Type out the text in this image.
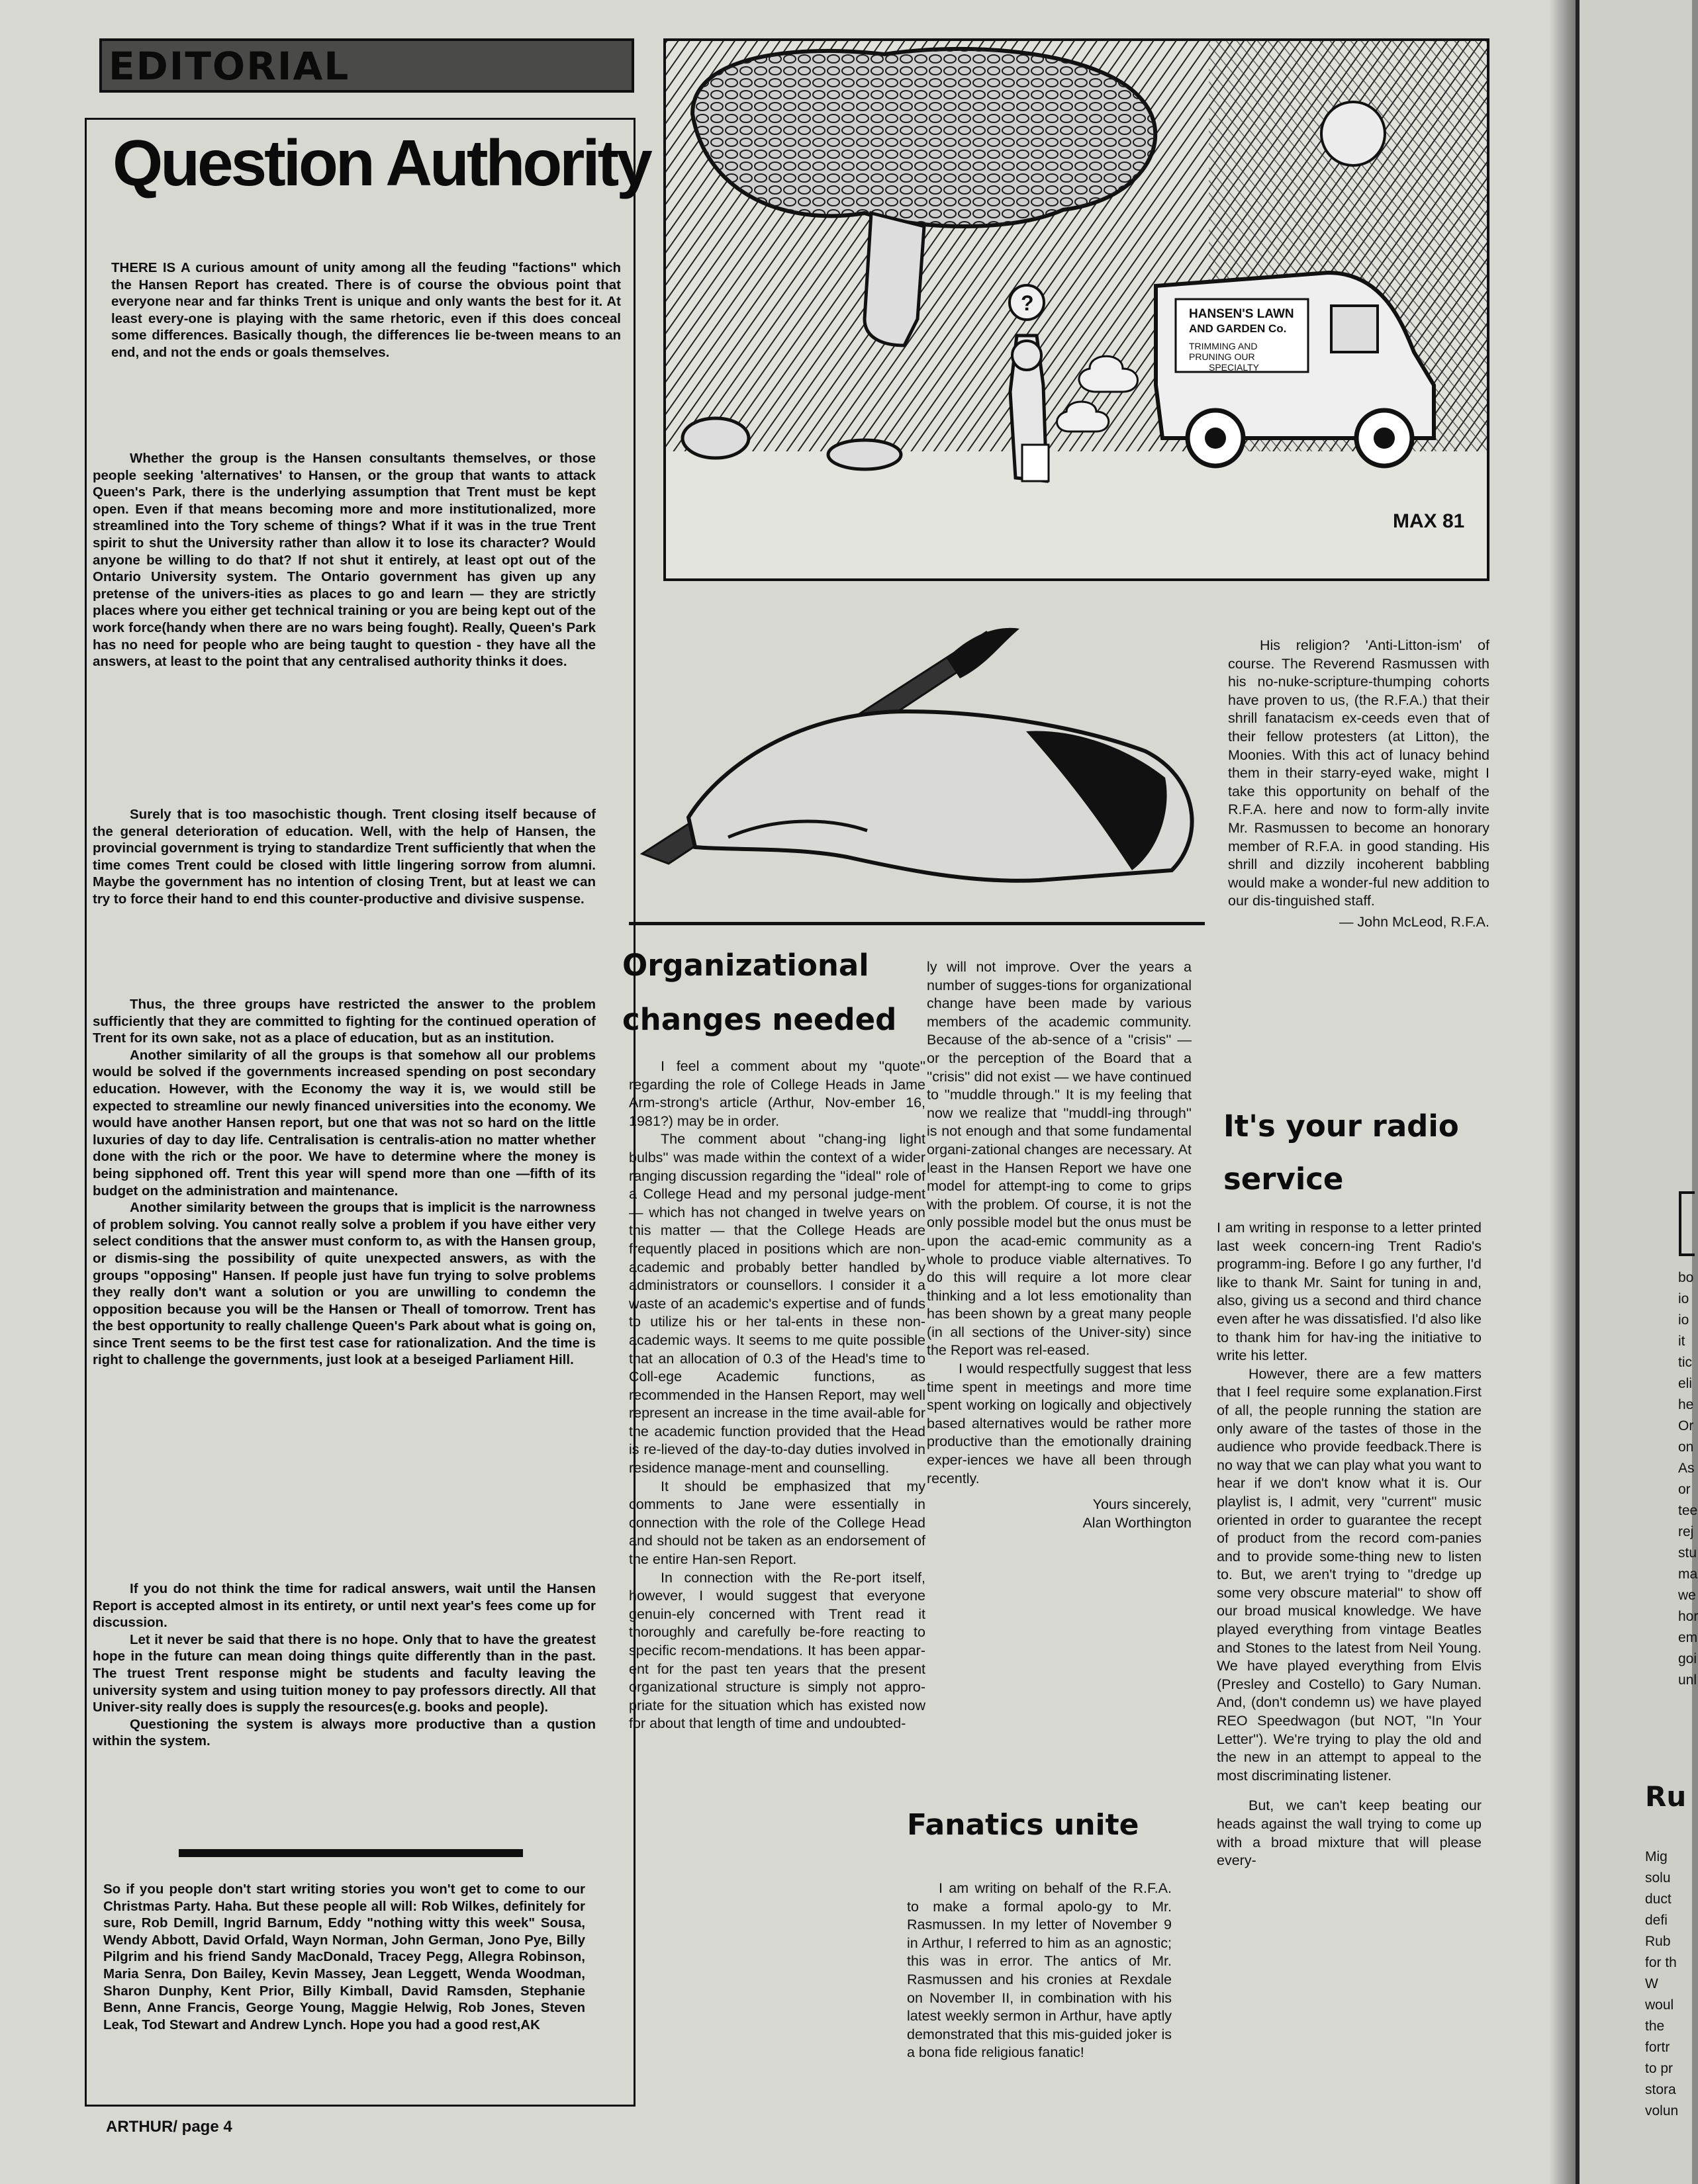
EDITORIAL
Question Authority

THERE IS A curious amount of unity among all the feuding "factions" which the Hansen Report has created. There is of course the obvious point that everyone near and far thinks Trent is unique and only wants the best for it. At least every-one is playing with the same rhetoric, even if this does conceal some differences. Basically though, the differences lie be-tween means to an end, and not the ends or goals themselves.

Whether the group is the Hansen consultants themselves, or those people seeking 'alternatives' to Hansen, or the group that wants to attack Queen's Park, there is the underlying assumption that Trent must be kept open. Even if that means becoming more and more institutionalized, more streamlined into the Tory scheme of things? What if it was in the true Trent spirit to shut the University rather than allow it to lose its character? Would anyone be willing to do that? If not shut it entirely, at least opt out of the Ontario University system. The Ontario government has given up any pretense of the univers-ities as places to go and learn — they are strictly places where you either get technical training or you are being kept out of the work force(handy when there are no wars being fought). Really, Queen's Park has no need for people who are being taught to question - they have all the answers, at least to the point that any centralised authority thinks it does.

Surely that is too masochistic though. Trent closing itself because of the general deterioration of education. Well, with the help of Hansen, the provincial government is trying to standardize Trent sufficiently that when the time comes Trent could be closed with little lingering sorrow from alumni. Maybe the government has no intention of closing Trent, but at least we can try to force their hand to end this counter-productive and divisive suspense.

Thus, the three groups have restricted the answer to the problem sufficiently that they are committed to fighting for the continued operation of Trent for its own sake, not as a place of education, but as an institution.

Another similarity of all the groups is that somehow all our problems would be solved if the governments increased spending on post secondary education. However, with the Economy the way it is, we would still be expected to streamline our newly financed universities into the economy. We would have another Hansen report, but one that was not so hard on the little luxuries of day to day life. Centralisation is centralis-ation no matter whether done with the rich or the poor. We have to determine where the money is being sipphoned off. Trent this year will spend more than one —fifth of its budget on the administration and maintenance.

Another similarity between the groups that is implicit is the narrowness of problem solving. You cannot really solve a problem if you have either very select conditions that the answer must conform to, as with the Hansen group, or dismis-sing the possibility of quite unexpected answers, as with the groups "opposing" Hansen. If people just have fun trying to solve problems they really don't want a solution or you are unwilling to condemn the opposition because you will be the Hansen or Theall of tomorrow. Trent has the best opportunity to really challenge Queen's Park about what is going on, since Trent seems to be the first test case for rationalization. And the time is right to challenge the governments, just look at a beseiged Parliament Hill.

If you do not think the time for radical answers, wait until the Hansen Report is accepted almost in its entirety, or until next year's fees come up for discussion.

Let it never be said that there is no hope. Only that to have the greatest hope in the future can mean doing things quite differently than in the past. The truest Trent response might be students and faculty leaving the university system and using tuition money to pay professors directly. All that Univer-sity really does is supply the resources(e.g. books and people).

Questioning the system is always more productive than a qustion within the system.

So if you people don't start writing stories you won't get to come to our Christmas Party. Haha. But these people all will: Rob Wilkes, definitely for sure, Rob Demill, Ingrid Barnum, Eddy "nothing witty this week" Sousa, Wendy Abbott, David Orfald, Wayn Norman, John German, Jono Pye, Billy Pilgrim and his friend Sandy MacDonald, Tracey Pegg, Allegra Robinson, Maria Senra, Don Bailey, Kevin Massey, Jean Leggett, Wenda Woodman, Sharon Dunphy, Kent Prior, Billy Kimball, David Ramsden, Stephanie Benn, Anne Francis, George Young, Maggie Helwig, Rob Jones, Steven Leak, Tod Stewart and Andrew Lynch. Hope you had a good rest,AK

?	HANSEN'S LAWN
AND GARDEN Co.
TRIMMING AND
PRUNING OUR
SPECIALTY
MAX 81
Organizational
changes needed

I feel a comment about my ''quote'' regarding the role of College Heads in Jame Arm-strong's article (Arthur, Nov-ember 16, 1981?) may be in order.

The comment about ''chang-ing light bulbs'' was made within the context of a wider ranging discussion regarding the ''ideal'' role of a College Head and my personal judge-ment — which has not changed in twelve years on this matter — that the College Heads are frequently placed in positions which are non-academic and probably better handled by administrators or counsellors. I consider it a waste of an academic's expertise and of funds to utilize his or her tal-ents in these non-academic ways. It seems to me quite possible that an allocation of 0.3 of the Head's time to Coll-ege Academic functions, as recommended in the Hansen Report, may well represent an increase in the time avail-able for the academic function provided that the Head is re-lieved of the day-to-day duties involved in residence manage-ment and counselling.

It should be emphasized that my comments to Jane were essentially in connection with the role of the College Head and should not be taken as an endorsement of the entire Han-sen Report.

In connection with the Re-port itself, however, I would suggest that everyone genuin-ely concerned with Trent read it thoroughly and carefully be-fore reacting to specific recom-mendations. It has been appar-ent for the past ten years that the present organizational structure is simply not appro-priate for the situation which has existed now for about that length of time and undoubted-

ly will not improve. Over the years a number of sugges-tions for organizational change have been made by various members of the academic community. Because of the ab-sence of a ''crisis'' — or the perception of the Board that a ''crisis'' did not exist — we have continued to ''muddle through.'' It is my feeling that now we realize that ''muddl-ing through'' is not enough and that some fundamental organi-zational changes are necessary. At least in the Hansen Report we have one model for attempt-ing to come to grips with the problem. Of course, it is not the only possible model but the onus must be upon the acad-emic community as a whole to produce viable alternatives. To do this will require a lot more clear thinking and a lot less emotionality than has been shown by a great many people (in all sections of the Univer-sity) since the Report was rel-eased.

I would respectfully suggest that less time spent in meetings and more time spent working on logically and objectively based alternatives would be rather more productive than the emotionally draining exper-iences we have all been through recently.

Yours sincerely,

Alan Worthington

Fanatics unite

I am writing on behalf of the R.F.A. to make a formal apolo-gy to Mr. Rasmussen. In my letter of November 9 in Arthur, I referred to him as an agnostic; this was in error. The antics of Mr. Rasmussen and his cronies at Rexdale on November II, in combination with his latest weekly sermon in Arthur, have aptly demonstrated that this mis-guided joker is a bona fide religious fanatic!

His religion? 'Anti-Litton-ism' of course. The Reverend Rasmussen with his no-nuke-scripture-thumping cohorts have proven to us, (the R.F.A.) that their shrill fanatacism ex-ceeds even that of their fellow protesters (at Litton), the Moonies. With this act of lunacy behind them in their starry-eyed wake, might I take this opportunity on behalf of the R.F.A. here and now to form-ally invite Mr. Rasmussen to become an honorary member of R.F.A. in good standing. His shrill and dizzily incoherent babbling would make a wonder-ful new addition to our dis-tinguished staff.

— John McLeod, R.F.A.

It's your radio
service

I am writing in response to a letter printed last week concern-ing Trent Radio's programm-ing. Before I go any further, I'd like to thank Mr. Saint for tuning in and, also, giving us a second and third chance even after he was dissatisfied. I'd also like to thank him for hav-ing the initiative to write his letter.

However, there are a few matters that I feel require some explanation.First of all, the people running the station are only aware of the tastes of those in the audience who provide feedback.There is no way that we can play what you want to hear if we don't know what it is. Our playlist is, I admit, very ''current'' music oriented in order to guarantee the recept of product from the record com-panies and to provide some-thing new to listen to. But, we aren't trying to ''dredge up some very obscure material'' to show off our broad musical knowledge. We have played everything from vintage Beatles and Stones to the latest from Neil Young. We have played everything from Elvis (Presley and Costello) to Gary Numan. And, (don't condemn us) we have played REO Speedwagon (but NOT, ''In Your Letter''). We're trying to play the old and the new in an attempt to appeal to the most discriminating listener.

But, we can't keep beating our heads against the wall trying to come up with a broad mixture that will please every-

ARTHUR/ page 4
bo
io
io
it
tic
eli
he
Or
on
As
or
tee
rej
stu
ma
we
hor
em
goi
unl
Ru
Mig
solu
duct
defi
Rub
for th
W
woul
the
fortr
to pr
stora
volun
